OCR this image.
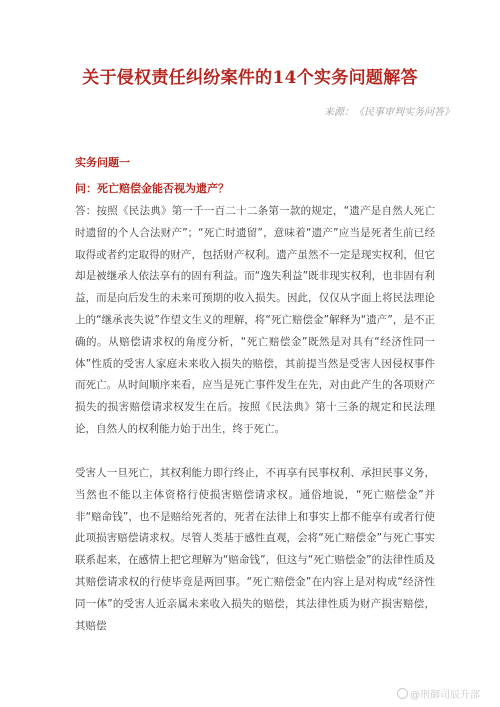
关于侵权责任纠纷案件的14个实务问题解答
来源：《民事审判实务问答》
实务问题一
问：死亡赔偿金能否视为遗产？
答：按照《民法典》第一千一百二十二条第一款的规定，“遗产是自然人死亡时遗留的个人合法财产”；“死亡时遗留”，意味着“遗产”应当是死者生前已经取得或者约定取得的财产，包括财产权利。遗产虽然不一定是现实权利，但它却是被继承人依法享有的固有利益。而“逸失利益”既非现实权利，也非固有利益，而是向后发生的未来可预期的收入损失。因此，仅仅从字面上将民法理论上的“继承丧失说”作望文生义的理解，将“死亡赔偿金”解释为“遗产”，是不正确的。从赔偿请求权的角度分析，“死亡赔偿金”既然是对具有“经济性同一体”性质的受害人家庭未来收入损失的赔偿，其前提当然是受害人因侵权事件而死亡。从时间顺序来看，应当是死亡事件发生在先，对由此产生的各项财产损失的损害赔偿请求权发生在后。按照《民法典》第十三条的规定和民法理论，自然人的权利能力始于出生，终于死亡。
受害人一旦死亡，其权利能力即行终止，不再享有民事权利、承担民事义务，当然也不能以主体资格行使损害赔偿请求权。通俗地说，“死亡赔偿金”并非“赔命钱”，也不是赔给死者的，死者在法律上和事实上都不能享有或者行使此项损害赔偿请求权。尽管人类基于感性直观，会将“死亡赔偿金”与死亡事实联系起来，在感情上把它理解为“赔命钱”，但这与“死亡赔偿金”的法律性质及其赔偿请求权的行使毕竟是两回事。“死亡赔偿金”在内容上是对构成“经济性同一体”的受害人近亲属未来收入损失的赔偿，其法律性质为财产损害赔偿，其赔偿
@刑御司辰升部
